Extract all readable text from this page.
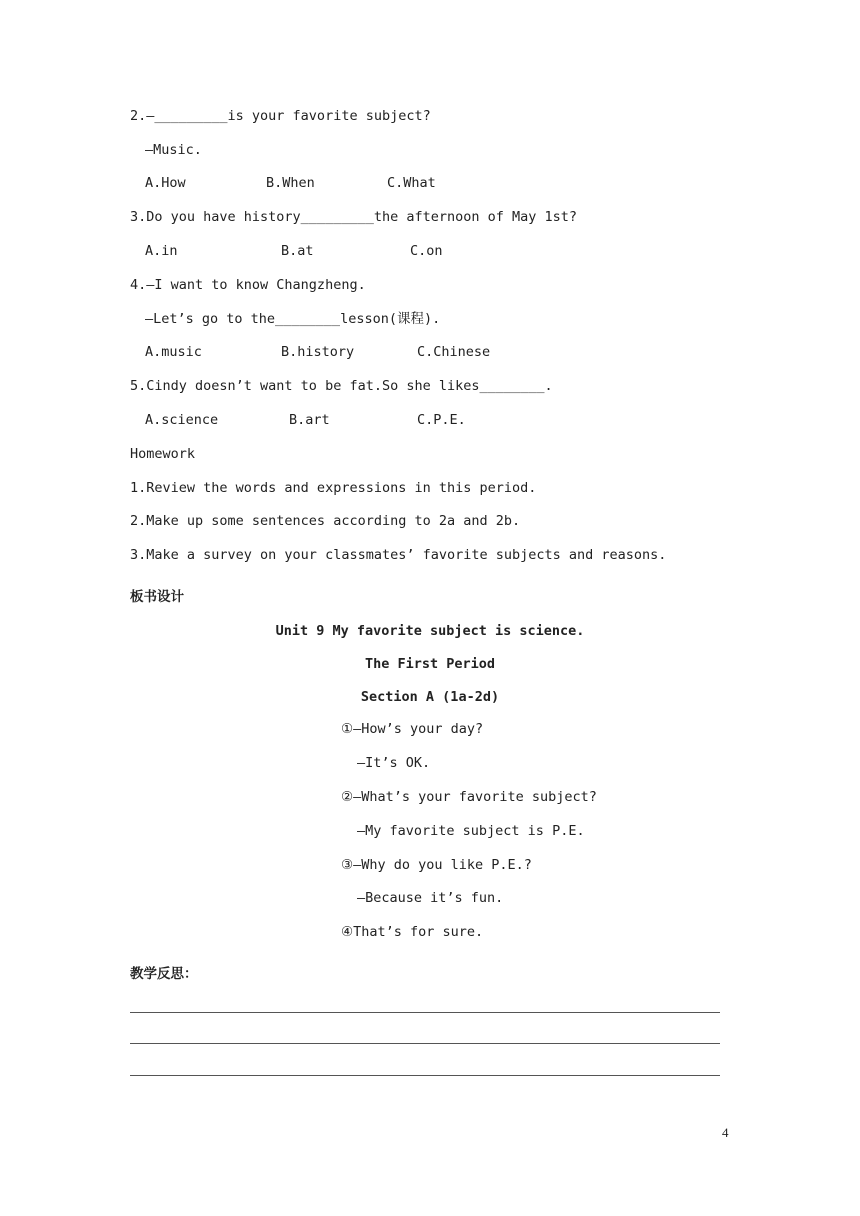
2.—_________is your favorite subject?
—Music.
A.How	B.When	C.What
3.Do you have history_________the afternoon of May 1st?
A.in	B.at	C.on
4.—I want to know Changzheng.
—Let’s go to the________lesson(课程).
A.music	B.history	C.Chinese
5.Cindy doesn’t want to be fat.So she likes________.
A.science	B.art	C.P.E.
Homework
1.Review the words and expressions in this period.
2.Make up some sentences according to 2a and 2b.
3.Make a survey on your classmates’ favorite subjects and reasons.
板书设计
Unit 9 My favorite subject is science.
The First Period
Section A (1a-2d)
①—How’s your day?
—It’s OK.
②—What’s your favorite subject?
—My favorite subject is P.E.
③—Why do you like P.E.?
—Because it’s fun.
④That’s for sure.
教学反思：
4
